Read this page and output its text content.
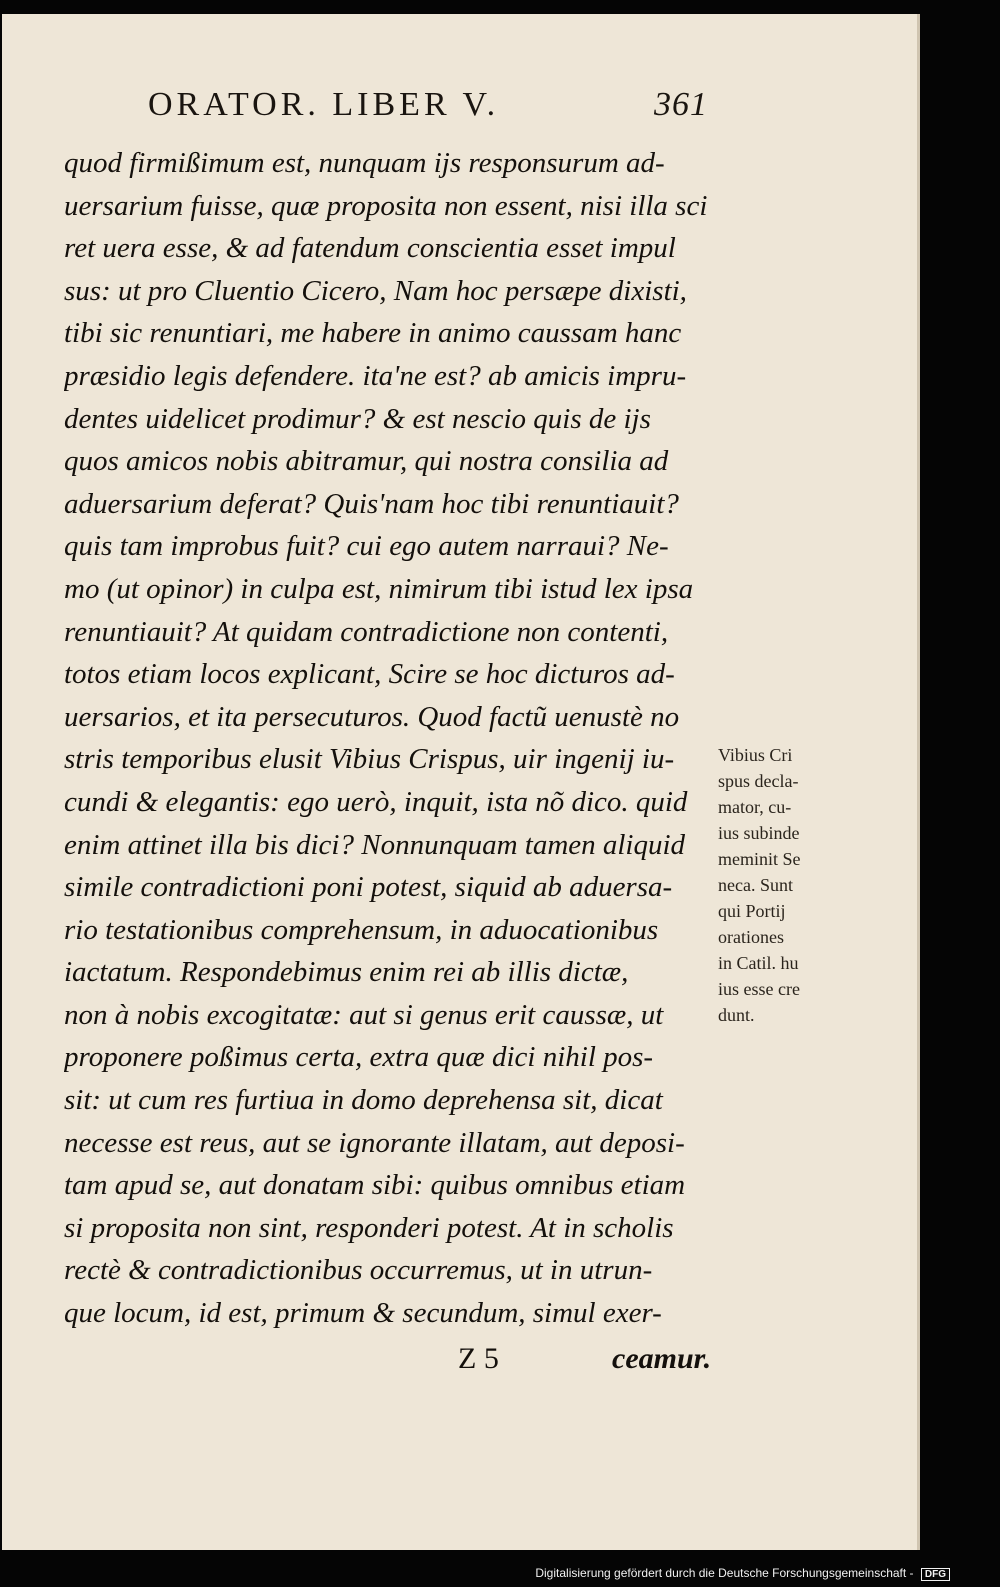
ORATOR. LIBER V.	361
quod firmißimum est, nunquam ijs responsurum ad-
uersarium fuisse, quæ proposita non essent, nisi illa sci
ret uera esse, & ad fatendum conscientia esset impul
sus: ut pro Cluentio Cicero, Nam hoc persæpe dixisti,
tibi sic renuntiari, me habere in animo caussam hanc
præsidio legis defendere. ita'ne est? ab amicis impru-
dentes uidelicet prodimur? & est nescio quis de ijs
quos amicos nobis abitramur, qui nostra consilia ad
aduersarium deferat? Quis'nam hoc tibi renuntiauit?
quis tam improbus fuit? cui ego autem narraui? Ne-
mo (ut opinor) in culpa est, nimirum tibi istud lex ipsa
renuntiauit? At quidam contradictione non contenti,
totos etiam locos explicant, Scire se hoc dicturos ad-
uersarios, et ita persecuturos. Quod factũ uenustè no
stris temporibus elusit Vibius Crispus, uir ingenij iu-
cundi & elegantis: ego uerò, inquit, ista nõ dico. quid
enim attinet illa bis dici? Nonnunquam tamen aliquid
simile contradictioni poni potest, siquid ab aduersa-
rio testationibus comprehensum, in aduocationibus
iactatum. Respondebimus enim rei ab illis dictæ,
non à nobis excogitatæ: aut si genus erit caussæ, ut
proponere poßimus certa, extra quæ dici nihil pos-
sit: ut cum res furtiua in domo deprehensa sit, dicat
necesse est reus, aut se ignorante illatam, aut deposi-
tam apud se, aut donatam sibi: quibus omnibus etiam
si proposita non sint, responderi potest. At in scholis
rectè & contradictionibus occurremus, ut in utrun-
que locum, id est, primum & secundum, simul exer-
Vibius Cri
spus decla-
mator, cu-
ius subinde
meminit Se
neca. Sunt
qui Portij
orationes
in Catil. hu
ius esse cre
dunt.
Z 5	ceamur.
Digitalisierung gefördert durch die Deutsche Forschungsgemeinschaft - DFG
